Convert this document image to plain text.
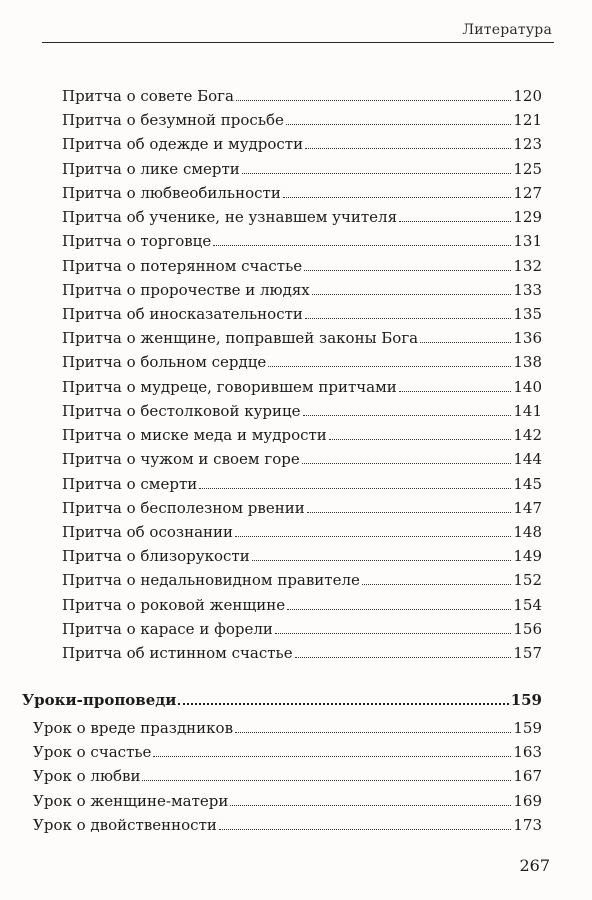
Литература
Притча о совете Бога	120
Притча о безумной просьбе	121
Притча об одежде и мудрости	123
Притча о лике смерти	125
Притча о любвеобильности	127
Притча об ученике, не узнавшем учителя	129
Притча о торговце	131
Притча о потерянном счастье	132
Притча о пророчестве и людях	133
Притча об иносказательности	135
Притча о женщине, поправшей законы Бога	136
Притча о больном сердце	138
Притча о мудреце, говорившем притчами	140
Притча о бестолковой курице	141
Притча о миске меда и мудрости	142
Притча о чужом и своем горе	144
Притча о смерти	145
Притча о бесполезном рвении	147
Притча об осознании	148
Притча о близорукости	149
Притча о недальновидном правителе	152
Притча о роковой женщине	154
Притча о карасе и форели	156
Притча об истинном счастье	157
Уроки-проповеди	159
Урок о вреде праздников	159
Урок о счастье	163
Урок о любви	167
Урок о женщине-матери	169
Урок о двойственности	173
267
